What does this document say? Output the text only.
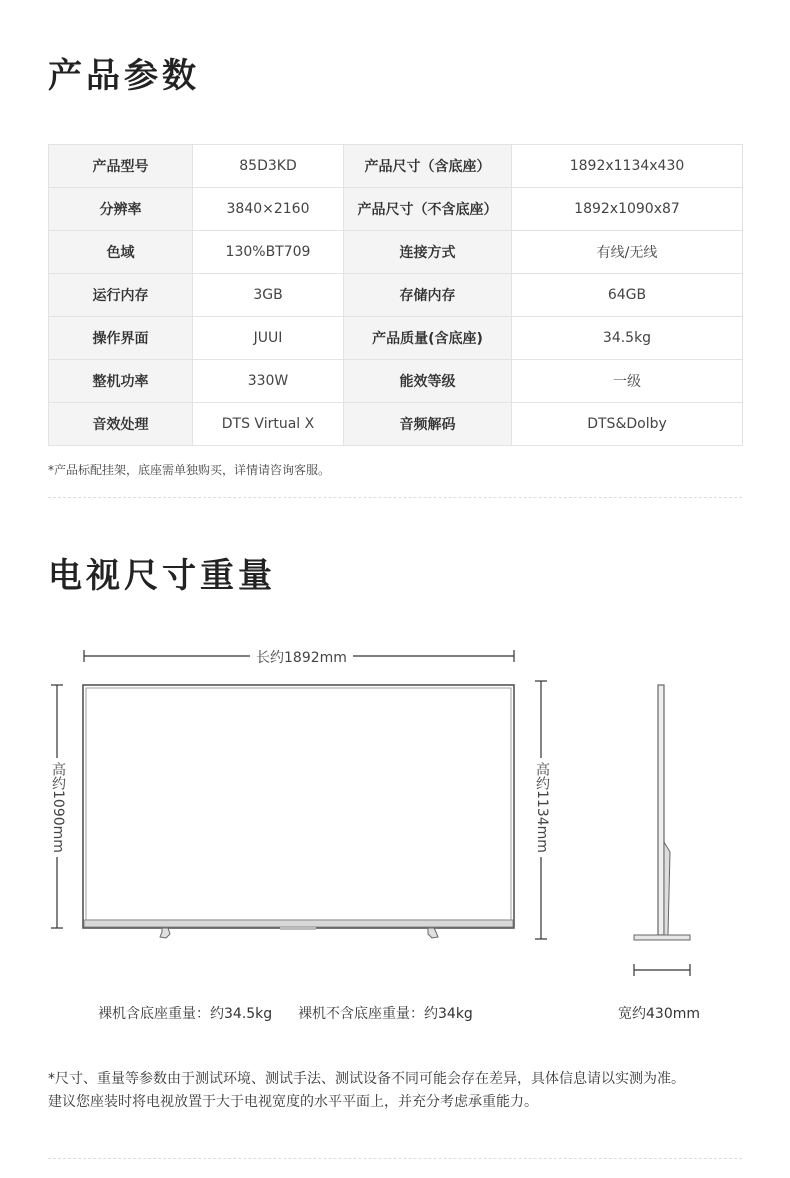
产品参数
产品型号	85D3KD	产品尺寸（含底座）	1892x1134x430
分辨率	3840×2160	产品尺寸（不含底座）	1892x1090x87
色域	130%BT709	连接方式	有线/无线
运行内存	3GB	存储内存	64GB
操作界面	JUUI	产品质量(含底座)	34.5kg
整机功率	330W	能效等级	一级
音效处理	DTS Virtual X	音频解码	DTS&Dolby
*产品标配挂架，底座需单独购买，详情请咨询客服。
电视尺寸重量
长约1892mm
高约1090mm	高约1134mm
裸机含底座重量：约34.5kg 裸机不含底座重量：约34kg	宽约430mm
*尺寸、重量等参数由于测试环境、测试手法、测试设备不同可能会存在差异，具体信息请以实测为准。
建议您座装时将电视放置于大于电视宽度的水平平面上，并充分考虑承重能力。
